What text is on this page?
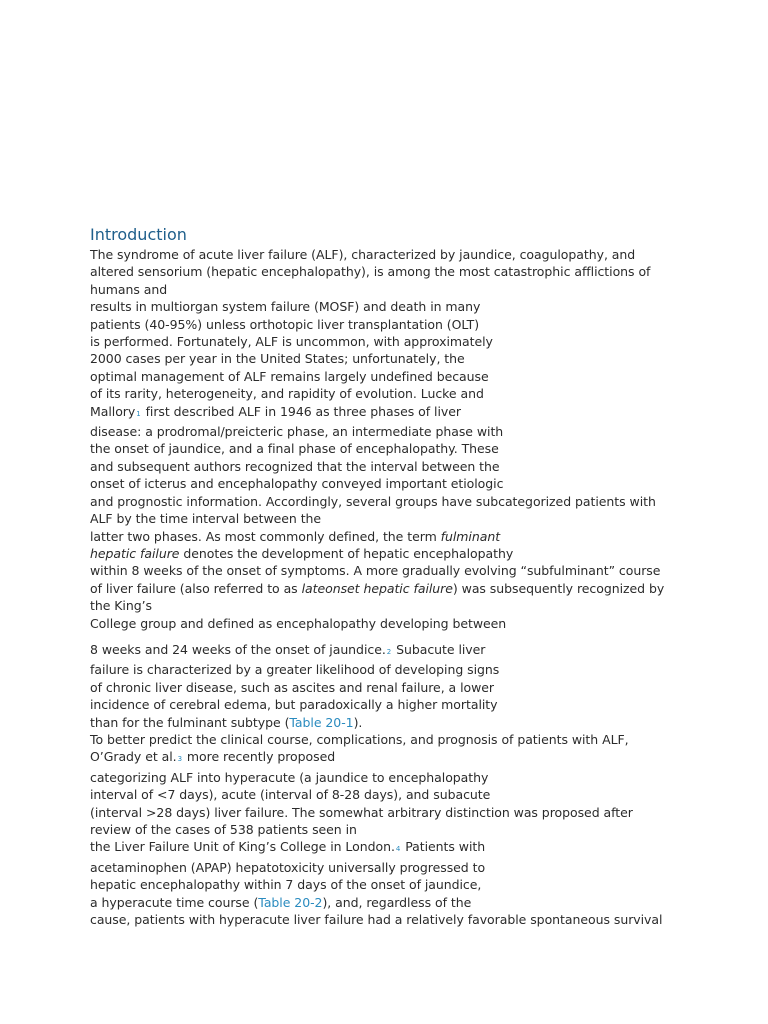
Introduction
The syndrome of acute liver failure (ALF), characterized by jaundice, coagulopathy, and
altered sensorium (hepatic encephalopathy), is among the most catastrophic afflictions of
humans and
results in multiorgan system failure (MOSF) and death in many
patients (40-95%) unless orthotopic liver transplantation (OLT)
is performed. Fortunately, ALF is uncommon, with approximately
2000 cases per year in the United States; unfortunately, the
optimal management of ALF remains largely undefined because
of its rarity, heterogeneity, and rapidity of evolution. Lucke and
Mallory1 first described ALF in 1946 as three phases of liver
disease: a prodromal/preicteric phase, an intermediate phase with
the onset of jaundice, and a final phase of encephalopathy. These
and subsequent authors recognized that the interval between the
onset of icterus and encephalopathy conveyed important etiologic
and prognostic information. Accordingly, several groups have subcategorized patients with
ALF by the time interval between the
latter two phases. As most commonly defined, the term fulminant
hepatic failure denotes the development of hepatic encephalopathy
within 8 weeks of the onset of symptoms. A more gradually evolving “subfulminant” course
of liver failure (also referred to as lateonset hepatic failure) was subsequently recognized by
the King’s
College group and defined as encephalopathy developing between
8 weeks and 24 weeks of the onset of jaundice.2 Subacute liver
failure is characterized by a greater likelihood of developing signs
of chronic liver disease, such as ascites and renal failure, a lower
incidence of cerebral edema, but paradoxically a higher mortality
than for the fulminant subtype (Table 20-1).
To better predict the clinical course, complications, and prognosis of patients with ALF,
O’Grady et al.3 more recently proposed
categorizing ALF into hyperacute (a jaundice to encephalopathy
interval of <7 days), acute (interval of 8-28 days), and subacute
(interval >28 days) liver failure. The somewhat arbitrary distinction was proposed after
review of the cases of 538 patients seen in
the Liver Failure Unit of King’s College in London.4 Patients with
acetaminophen (APAP) hepatotoxicity universally progressed to
hepatic encephalopathy within 7 days of the onset of jaundice,
a hyperacute time course (Table 20-2), and, regardless of the
cause, patients with hyperacute liver failure had a relatively favorable spontaneous survival
